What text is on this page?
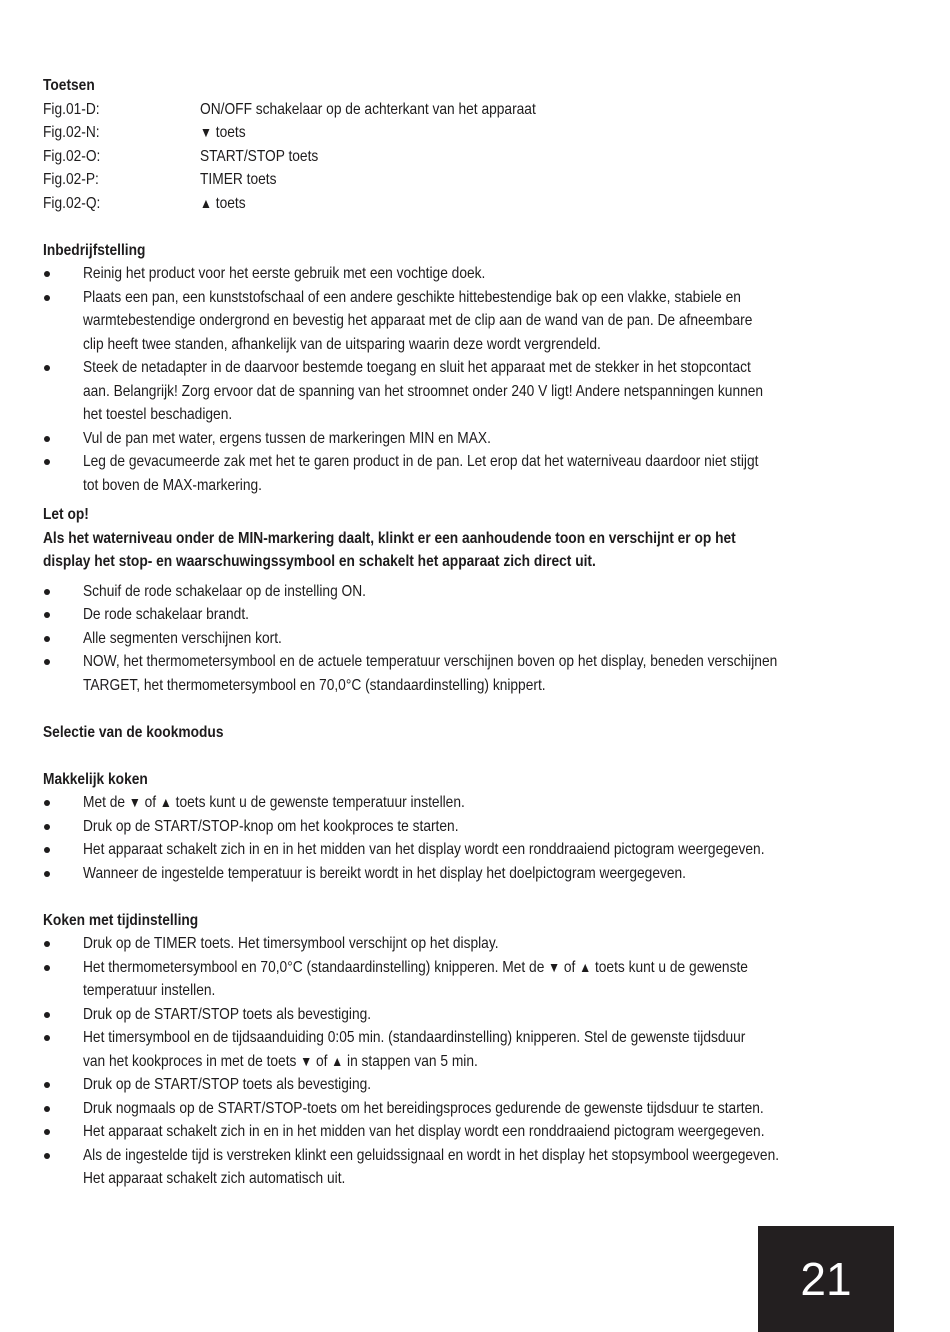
Toetsen
Fig.01-D:	ON/OFF schakelaar op de achterkant van het apparaat
Fig.02-N:	▼ toets
Fig.02-O:	START/STOP toets
Fig.02-P:	TIMER toets
Fig.02-Q:	▲ toets
Inbedrijfstelling
Reinig het product voor het eerste gebruik met een vochtige doek.
Plaats een pan, een kunststofschaal of een andere geschikte hittebestendige bak op een vlakke, stabiele en
warmtebestendige ondergrond en bevestig het apparaat met de clip aan de wand van de pan. De afneembare
clip heeft twee standen, afhankelijk van de uitsparing waarin deze wordt vergrendeld.
Steek de netadapter in de daarvoor bestemde toegang en sluit het apparaat met de stekker in het stopcontact
aan. Belangrijk! Zorg ervoor dat de spanning van het stroomnet onder 240 V ligt! Andere netspanningen kunnen
het toestel beschadigen.
Vul de pan met water, ergens tussen de markeringen MIN en MAX.
Leg de gevacumeerde zak met het te garen product in de pan. Let erop dat het waterniveau daardoor niet stijgt
tot boven de MAX-markering.
Let op!
Als het waterniveau onder de MIN-markering daalt, klinkt er een aanhoudende toon en verschijnt er op het
display het stop- en waarschuwingssymbool en schakelt het apparaat zich direct uit.
Schuif de rode schakelaar op de instelling ON.
De rode schakelaar brandt.
Alle segmenten verschijnen kort.
NOW, het thermometersymbool en de actuele temperatuur verschijnen boven op het display, beneden verschijnen
TARGET, het thermometersymbool en 70,0°C (standaardinstelling) knippert.
Selectie van de kookmodus
Makkelijk koken
Met de ▼ of ▲ toets kunt u de gewenste temperatuur instellen.
Druk op de START/STOP-knop om het kookproces te starten.
Het apparaat schakelt zich in en in het midden van het display wordt een ronddraaiend pictogram weergegeven.
Wanneer de ingestelde temperatuur is bereikt wordt in het display het doelpictogram weergegeven.
Koken met tijdinstelling
Druk op de TIMER toets. Het timersymbool verschijnt op het display.
Het thermometersymbool en 70,0°C (standaardinstelling) knipperen. Met de ▼ of ▲ toets kunt u de gewenste
temperatuur instellen.
Druk op de START/STOP toets als bevestiging.
Het timersymbool en de tijdsaanduiding 0:05 min. (standaardinstelling) knipperen. Stel de gewenste tijdsduur
van het kookproces in met de toets ▼ of ▲ in stappen van 5 min.
Druk op de START/STOP toets als bevestiging.
Druk nogmaals op de START/STOP-toets om het bereidingsproces gedurende de gewenste tijdsduur te starten.
Het apparaat schakelt zich in en in het midden van het display wordt een ronddraaiend pictogram weergegeven.
Als de ingestelde tijd is verstreken klinkt een geluidssignaal en wordt in het display het stopsymbool weergegeven.
Het apparaat schakelt zich automatisch uit.
21
